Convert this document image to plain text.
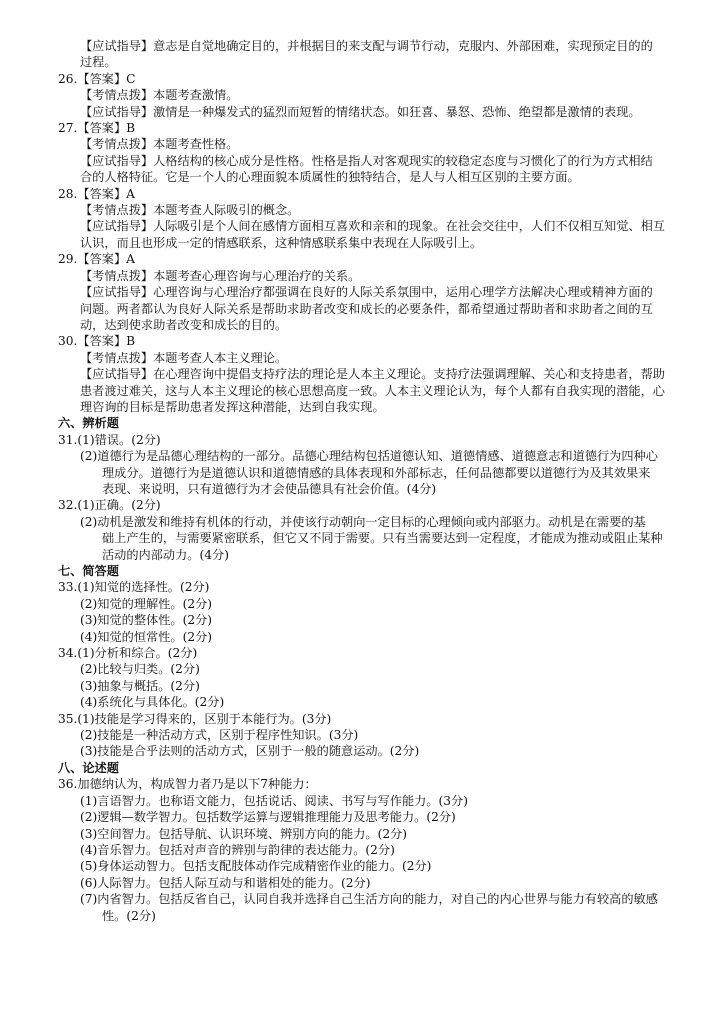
【应试指导】意志是自觉地确定目的，并根据目的来支配与调节行动，克服内、外部困难，实现预定目的的
过程。
26.【答案】C
【考情点拨】本题考查激情。
【应试指导】激情是一种爆发式的猛烈而短暂的情绪状态。如狂喜、暴怒、恐怖、绝望都是激情的表现。
27.【答案】B
【考情点拨】本题考查性格。
【应试指导】人格结构的核心成分是性格。性格是指人对客观现实的较稳定态度与习惯化了的行为方式相结
合的人格特征。它是一个人的心理面貌本质属性的独特结合，是人与人相互区别的主要方面。
28.【答案】A
【考情点拨】本题考查人际吸引的概念。
【应试指导】人际吸引是个人间在感情方面相互喜欢和亲和的现象。在社会交往中，人们不仅相互知觉、相互
认识，而且也形成一定的情感联系，这种情感联系集中表现在人际吸引上。
29.【答案】A
【考情点拨】本题考查心理咨询与心理治疗的关系。
【应试指导】心理咨询与心理治疗都强调在良好的人际关系氛围中，运用心理学方法解决心理或精神方面的
问题。两者都认为良好人际关系是帮助求助者改变和成长的必要条件，都希望通过帮助者和求助者之间的互
动，达到使求助者改变和成长的目的。
30.【答案】B
【考情点拨】本题考查人本主义理论。
【应试指导】在心理咨询中提倡支持疗法的理论是人本主义理论。支持疗法强调理解、关心和支持患者，帮助
患者渡过难关，这与人本主义理论的核心思想高度一致。人本主义理论认为，每个人都有自我实现的潜能，心
理咨询的目标是帮助患者发挥这种潜能，达到自我实现。
六、辨析题
31.(1)错误。(2分)
(2)道德行为是品德心理结构的一部分。品德心理结构包括道德认知、道德情感、道德意志和道德行为四种心
理成分。道德行为是道德认识和道德情感的具体表现和外部标志，任何品德都要以道德行为及其效果来
表现、来说明，只有道德行为才会使品德具有社会价值。(4分)
32.(1)正确。(2分)
(2)动机是激发和维持有机体的行动，并使该行动朝向一定目标的心理倾向或内部驱力。动机是在需要的基
础上产生的，与需要紧密联系，但它又不同于需要。只有当需要达到一定程度，才能成为推动或阻止某种
活动的内部动力。(4分)
七、简答题
33.(1)知觉的选择性。(2分)
(2)知觉的理解性。(2分)
(3)知觉的整体性。(2分)
(4)知觉的恒常性。(2分)
34.(1)分析和综合。(2分)
(2)比较与归类。(2分)
(3)抽象与概括。(2分)
(4)系统化与具体化。(2分)
35.(1)技能是学习得来的，区别于本能行为。(3分)
(2)技能是一种活动方式，区别于程序性知识。(3分)
(3)技能是合乎法则的活动方式，区别于一般的随意运动。(2分)
八、论述题
36.加德纳认为，构成智力者乃是以下7种能力：
(1)言语智力。也称语文能力，包括说话、阅读、书写与写作能力。(3分)
(2)逻辑—数学智力。包括数学运算与逻辑推理能力及思考能力。(2分)
(3)空间智力。包括导航、认识环境、辨别方向的能力。(2分)
(4)音乐智力。包括对声音的辨别与韵律的表达能力。(2分)
(5)身体运动智力。包括支配肢体动作完成精密作业的能力。(2分)
(6)人际智力。包括人际互动与和谐相处的能力。(2分)
(7)内省智力。包括反省自己，认同自我并选择自己生活方向的能力，对自己的内心世界与能力有较高的敏感
性。(2分)
